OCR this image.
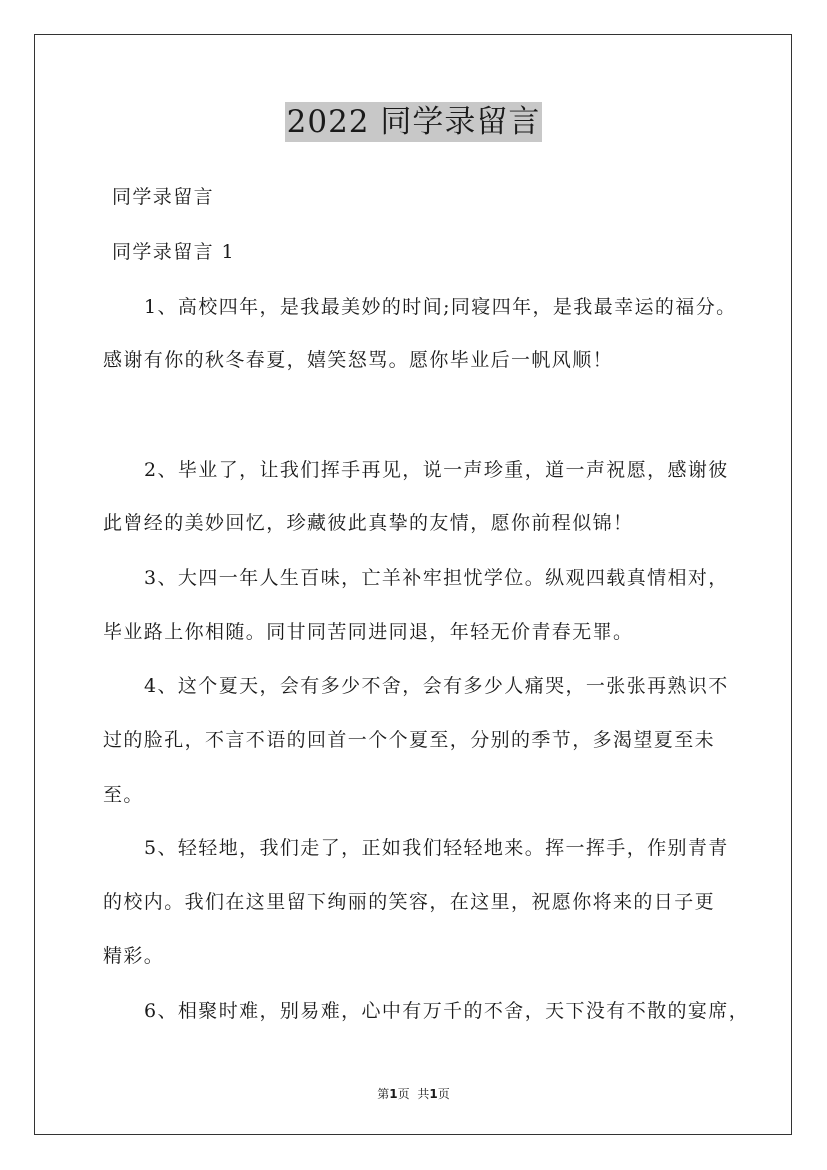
2022 同学录留言
同学录留言
同学录留言 1
1、高校四年，是我最美妙的时间;同寝四年，是我最幸运的福分。
感谢有你的秋冬春夏，嬉笑怒骂。愿你毕业后一帆风顺！
2、毕业了，让我们挥手再见，说一声珍重，道一声祝愿，感谢彼
此曾经的美妙回忆，珍藏彼此真挚的友情，愿你前程似锦！
3、大四一年人生百味，亡羊补牢担忧学位。纵观四载真情相对，
毕业路上你相随。同甘同苦同进同退，年轻无价青春无罪。
4、这个夏天，会有多少不舍，会有多少人痛哭，一张张再熟识不
过的脸孔，不言不语的回首一个个夏至，分别的季节，多渴望夏至未
至。
5、轻轻地，我们走了，正如我们轻轻地来。挥一挥手，作别青青
的校内。我们在这里留下绚丽的笑容，在这里，祝愿你将来的日子更
精彩。
6、相聚时难，别易难，心中有万千的不舍，天下没有不散的宴席，
第1页 共1页
